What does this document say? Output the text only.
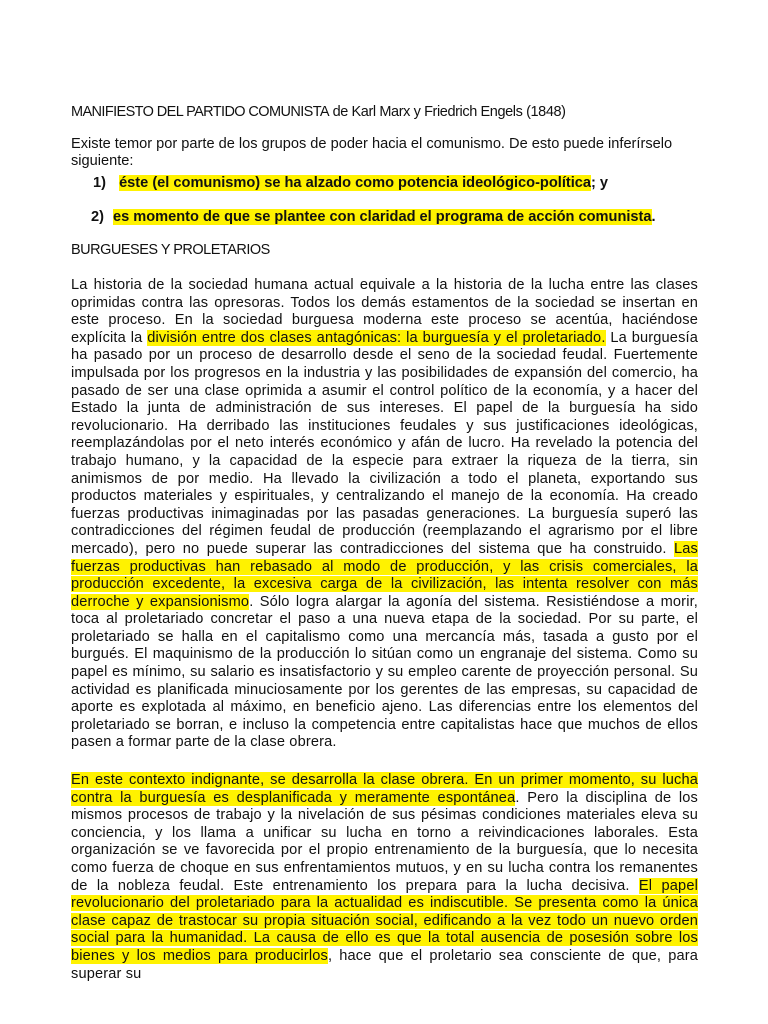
MANIFIESTO DEL PARTIDO COMUNISTA de Karl Marx y Friedrich Engels (1848)

Existe temor por parte de los grupos de poder hacia el comunismo. De esto puede inferírselo siguiente:

1) éste (el comunismo) se ha alzado como potencia ideológico-política; y
2) es momento de que se plantee con claridad el programa de acción comunista.
BURGUESES Y PROLETARIOS

La historia de la sociedad humana actual equivale a la historia de la lucha entre las clases oprimidas contra las opresoras. Todos los demás estamentos de la sociedad se insertan en este proceso. En la sociedad burguesa moderna este proceso se acentúa, haciéndose explícita la división entre dos clases antagónicas: la burguesía y el proletariado. La burguesía ha pasado por un proceso de desarrollo desde el seno de la sociedad feudal. Fuertemente impulsada por los progresos en la industria y las posibilidades de expansión del comercio, ha pasado de ser una clase oprimida a asumir el control político de la economía, y a hacer del Estado la junta de administración de sus intereses. El papel de la burguesía ha sido revolucionario. Ha derribado las instituciones feudales y sus justificaciones ideológicas, reemplazándolas por el neto interés económico y afán de lucro. Ha revelado la potencia del trabajo humano, y la capacidad de la especie para extraer la riqueza de la tierra, sin animismos de por medio. Ha llevado la civilización a todo el planeta, exportando sus productos materiales y espirituales, y centralizando el manejo de la economía. Ha creado fuerzas productivas inimaginadas por las pasadas generaciones. La burguesía superó las contradicciones del régimen feudal de producción (reemplazando el agrarismo por el libre mercado), pero no puede superar las contradicciones del sistema que ha construido. Las fuerzas productivas han rebasado al modo de producción, y las crisis comerciales, la producción excedente, la excesiva carga de la civilización, las intenta resolver con más derroche y expansionismo. Sólo logra alargar la agonía del sistema. Resistiéndose a morir, toca al proletariado concretar el paso a una nueva etapa de la sociedad. Por su parte, el proletariado se halla en el capitalismo como una mercancía más, tasada a gusto por el burgués. El maquinismo de la producción lo sitúan como un engranaje del sistema. Como su papel es mínimo, su salario es insatisfactorio y su empleo carente de proyección personal. Su actividad es planificada minuciosamente por los gerentes de las empresas, su capacidad de aporte es explotada al máximo, en beneficio ajeno. Las diferencias entre los elementos del proletariado se borran, e incluso la competencia entre capitalistas hace que muchos de ellos pasen a formar parte de la clase obrera.

En este contexto indignante, se desarrolla la clase obrera. En un primer momento, su lucha contra la burguesía es desplanificada y meramente espontánea. Pero la disciplina de los mismos procesos de trabajo y la nivelación de sus pésimas condiciones materiales eleva su conciencia, y los llama a unificar su lucha en torno a reivindicaciones laborales. Esta organización se ve favorecida por el propio entrenamiento de la burguesía, que lo necesita como fuerza de choque en sus enfrentamientos mutuos, y en su lucha contra los remanentes de la nobleza feudal. Este entrenamiento los prepara para la lucha decisiva. El papel revolucionario del proletariado para la actualidad es indiscutible. Se presenta como la única clase capaz de trastocar su propia situación social, edificando a la vez todo un nuevo orden social para la humanidad. La causa de ello es que la total ausencia de posesión sobre los bienes y los medios para producirlos, hace que el proletario sea consciente de que, para superar su
